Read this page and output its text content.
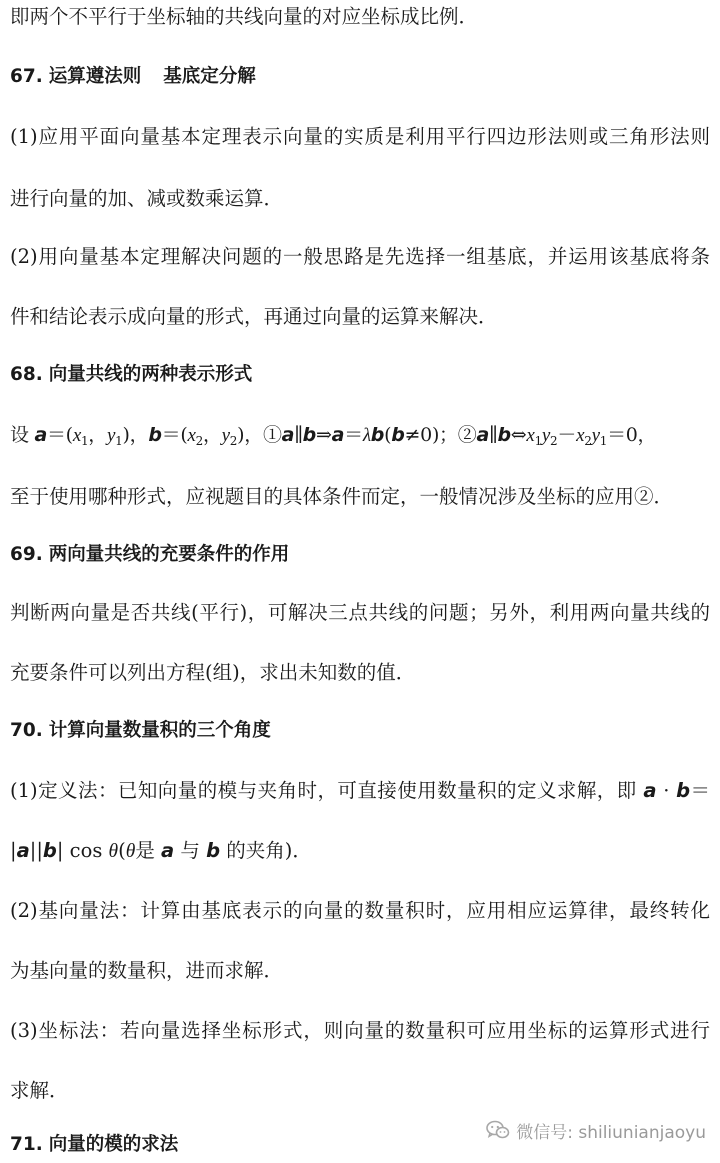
即两个不平行于坐标轴的共线向量的对应坐标成比例．
67. 运算遵法则 基底定分解
(1)应用平面向量基本定理表示向量的实质是利用平行四边形法则或三角形法则
进行向量的加、减或数乘运算．
(2)用向量基本定理解决问题的一般思路是先选择一组基底，并运用该基底将条
件和结论表示成向量的形式，再通过向量的运算来解决．
68. 向量共线的两种表示形式
设 $a=(x_1$，$y_1$)，$b=(x_2$，$y_2$)，①a∥b⇒a＝λb(b≠0)；$②a\parallel b\Leftrightarrow x_1y_2-x_2y_1=0$，
至于使用哪种形式，应视题目的具体条件而定，一般情况涉及坐标的应用②．
69. 两向量共线的充要条件的作用
判断两向量是否共线(平行)，可解决三点共线的问题；另外，利用两向量共线的
充要条件可以列出方程(组)，求出未知数的值．
70. 计算向量数量积的三个角度
(1)定义法：已知向量的模与夹角时，可直接使用数量积的定义求解，即 a · b＝
|a||b| cos θ(θ是 a 与 b 的夹角)．
(2)基向量法：计算由基底表示的向量的数量积时，应用相应运算律，最终转化
为基向量的数量积，进而求解．
(3)坐标法：若向量选择坐标形式，则向量的数量积可应用坐标的运算形式进行
求解．
71. 向量的模的求法
微信号: shiliunianjaoyu
